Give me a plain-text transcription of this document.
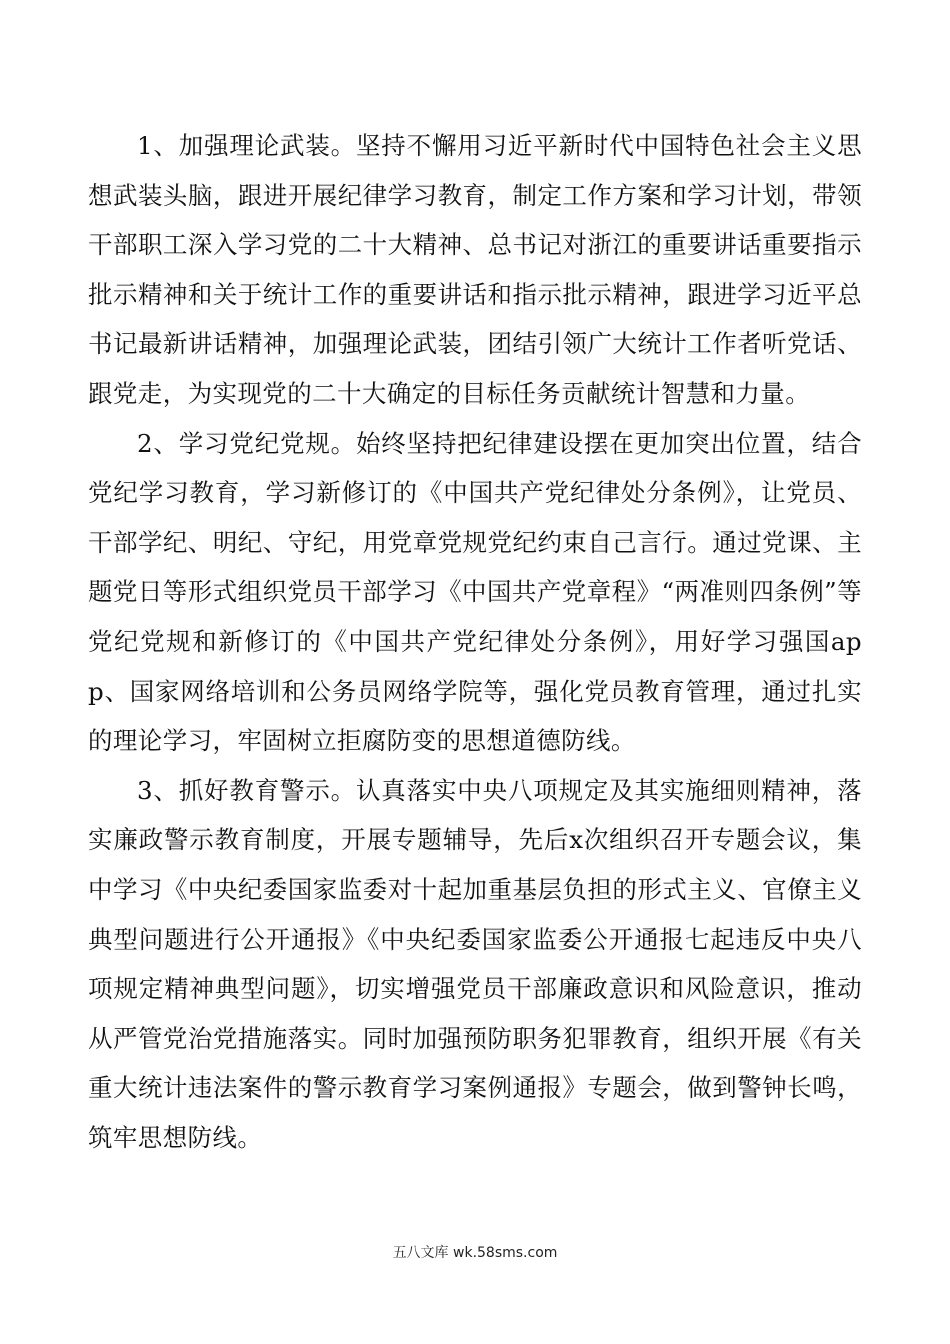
1、加强理论武装。坚持不懈用习近平新时代中国特色社会主义思想武装头脑，跟进开展纪律学习教育，制定工作方案和学习计划，带领干部职工深入学习党的二十大精神、总书记对浙江的重要讲话重要指示批示精神和关于统计工作的重要讲话和指示批示精神，跟进学习近平总书记最新讲话精神，加强理论武装，团结引领广大统计工作者听党话、跟党走，为实现党的二十大确定的目标任务贡献统计智慧和力量。

2、学习党纪党规。始终坚持把纪律建设摆在更加突出位置，结合党纪学习教育，学习新修订的《中国共产党纪律处分条例》，让党员、干部学纪、明纪、守纪，用党章党规党纪约束自己言行。通过党课、主题党日等形式组织党员干部学习《中国共产党章程》“两准则四条例”等党纪党规和新修订的《中国共产党纪律处分条例》，用好学习强国app、国家网络培训和公务员网络学院等，强化党员教育管理，通过扎实的理论学习，牢固树立拒腐防变的思想道德防线。

3、抓好教育警示。认真落实中央八项规定及其实施细则精神，落实廉政警示教育制度，开展专题辅导，先后x次组织召开专题会议，集中学习《中央纪委国家监委对十起加重基层负担的形式主义、官僚主义典型问题进行公开通报》《中央纪委国家监委公开通报七起违反中央八项规定精神典型问题》，切实增强党员干部廉政意识和风险意识，推动从严管党治党措施落实。同时加强预防职务犯罪教育，组织开展《有关重大统计违法案件的警示教育学习案例通报》专题会，做到警钟长鸣，筑牢思想防线。

五八文库 wk.58sms.com
